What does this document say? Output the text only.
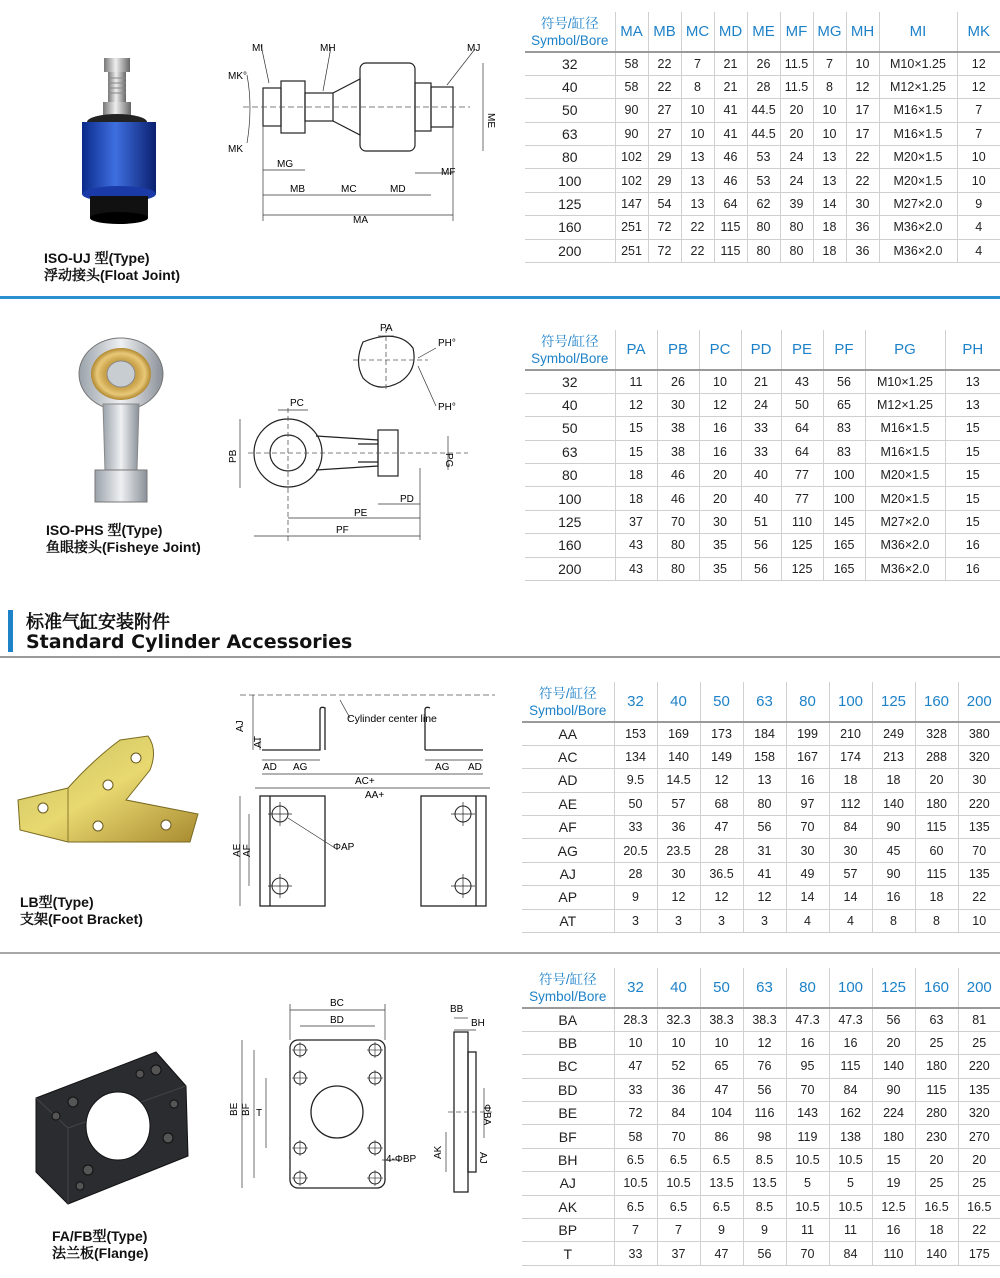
ISO-UJ 型(Type)
浮动接头(Float Joint)
MI	MH	MJ
MK°
MK
ME
MG
MF
MB	MC	MD
MA
符号/缸径
Symbol/Bore	MA	MB	MC	MD	ME	MF	MG	MH	MI	MK
32	58	22	7	21	26	11.5	7	10	M10×1.25	12
40	58	22	8	21	28	11.5	8	12	M12×1.25	12
50	90	27	10	41	44.5	20	10	17	M16×1.5	7
63	90	27	10	41	44.5	20	10	17	M16×1.5	7
80	102	29	13	46	53	24	13	22	M20×1.5	10
100	102	29	13	46	53	24	13	22	M20×1.5	10
125	147	54	13	64	62	39	14	30	M27×2.0	9
160	251	72	22	115	80	80	18	36	M36×2.0	4
200	251	72	22	115	80	80	18	36	M36×2.0	4
ISO-PHS 型(Type)
鱼眼接头(Fisheye Joint)
PA
PH°
PH°
PC
PB	PG
PD
PE
PF
符号/缸径
Symbol/Bore	PA	PB	PC	PD	PE	PF	PG	PH
32	11	26	10	21	43	56	M10×1.25	13
40	12	30	12	24	50	65	M12×1.25	13
50	15	38	16	33	64	83	M16×1.5	15
63	15	38	16	33	64	83	M16×1.5	15
80	18	46	20	40	77	100	M20×1.5	15
100	18	46	20	40	77	100	M20×1.5	15
125	37	70	30	51	110	145	M27×2.0	15
160	43	80	35	56	125	165	M36×2.0	16
200	43	80	35	56	125	165	M36×2.0	16
标准气缸安装附件
Standard Cylinder Accessories
LB型(Type)
支架(Foot Bracket)
AJ
AT
Cylinder center line
AD AG	AG AD
AC+
AA+
AE AF	ΦAP
符号/缸径
Symbol/Bore	32	40	50	63	80	100	125	160	200
AA	153	169	173	184	199	210	249	328	380
AC	134	140	149	158	167	174	213	288	320
AD	9.5	14.5	12	13	16	18	18	20	30
AE	50	57	68	80	97	112	140	180	220
AF	33	36	47	56	70	84	90	115	135
AG	20.5	23.5	28	31	30	30	45	60	70
AJ	28	30	36.5	41	49	57	90	115	135
AP	9	12	12	12	14	14	16	18	22
AT	3	3	3	3	4	4	8	8	10
FA/FB型(Type)
法兰板(Flange)
BC
BD
BB
BH
BE BF T
4-ΦBP
ΦBA
AK	AJ
符号/缸径
Symbol/Bore	32	40	50	63	80	100	125	160	200
BA	28.3	32.3	38.3	38.3	47.3	47.3	56	63	81
BB	10	10	10	12	16	16	20	25	25
BC	47	52	65	76	95	115	140	180	220
BD	33	36	47	56	70	84	90	115	135
BE	72	84	104	116	143	162	224	280	320
BF	58	70	86	98	119	138	180	230	270
BH	6.5	6.5	6.5	8.5	10.5	10.5	15	20	20
AJ	10.5	10.5	13.5	13.5	5	5	19	25	25
AK	6.5	6.5	6.5	8.5	10.5	10.5	12.5	16.5	16.5
BP	7	7	9	9	11	11	16	18	22
T	33	37	47	56	70	84	110	140	175
